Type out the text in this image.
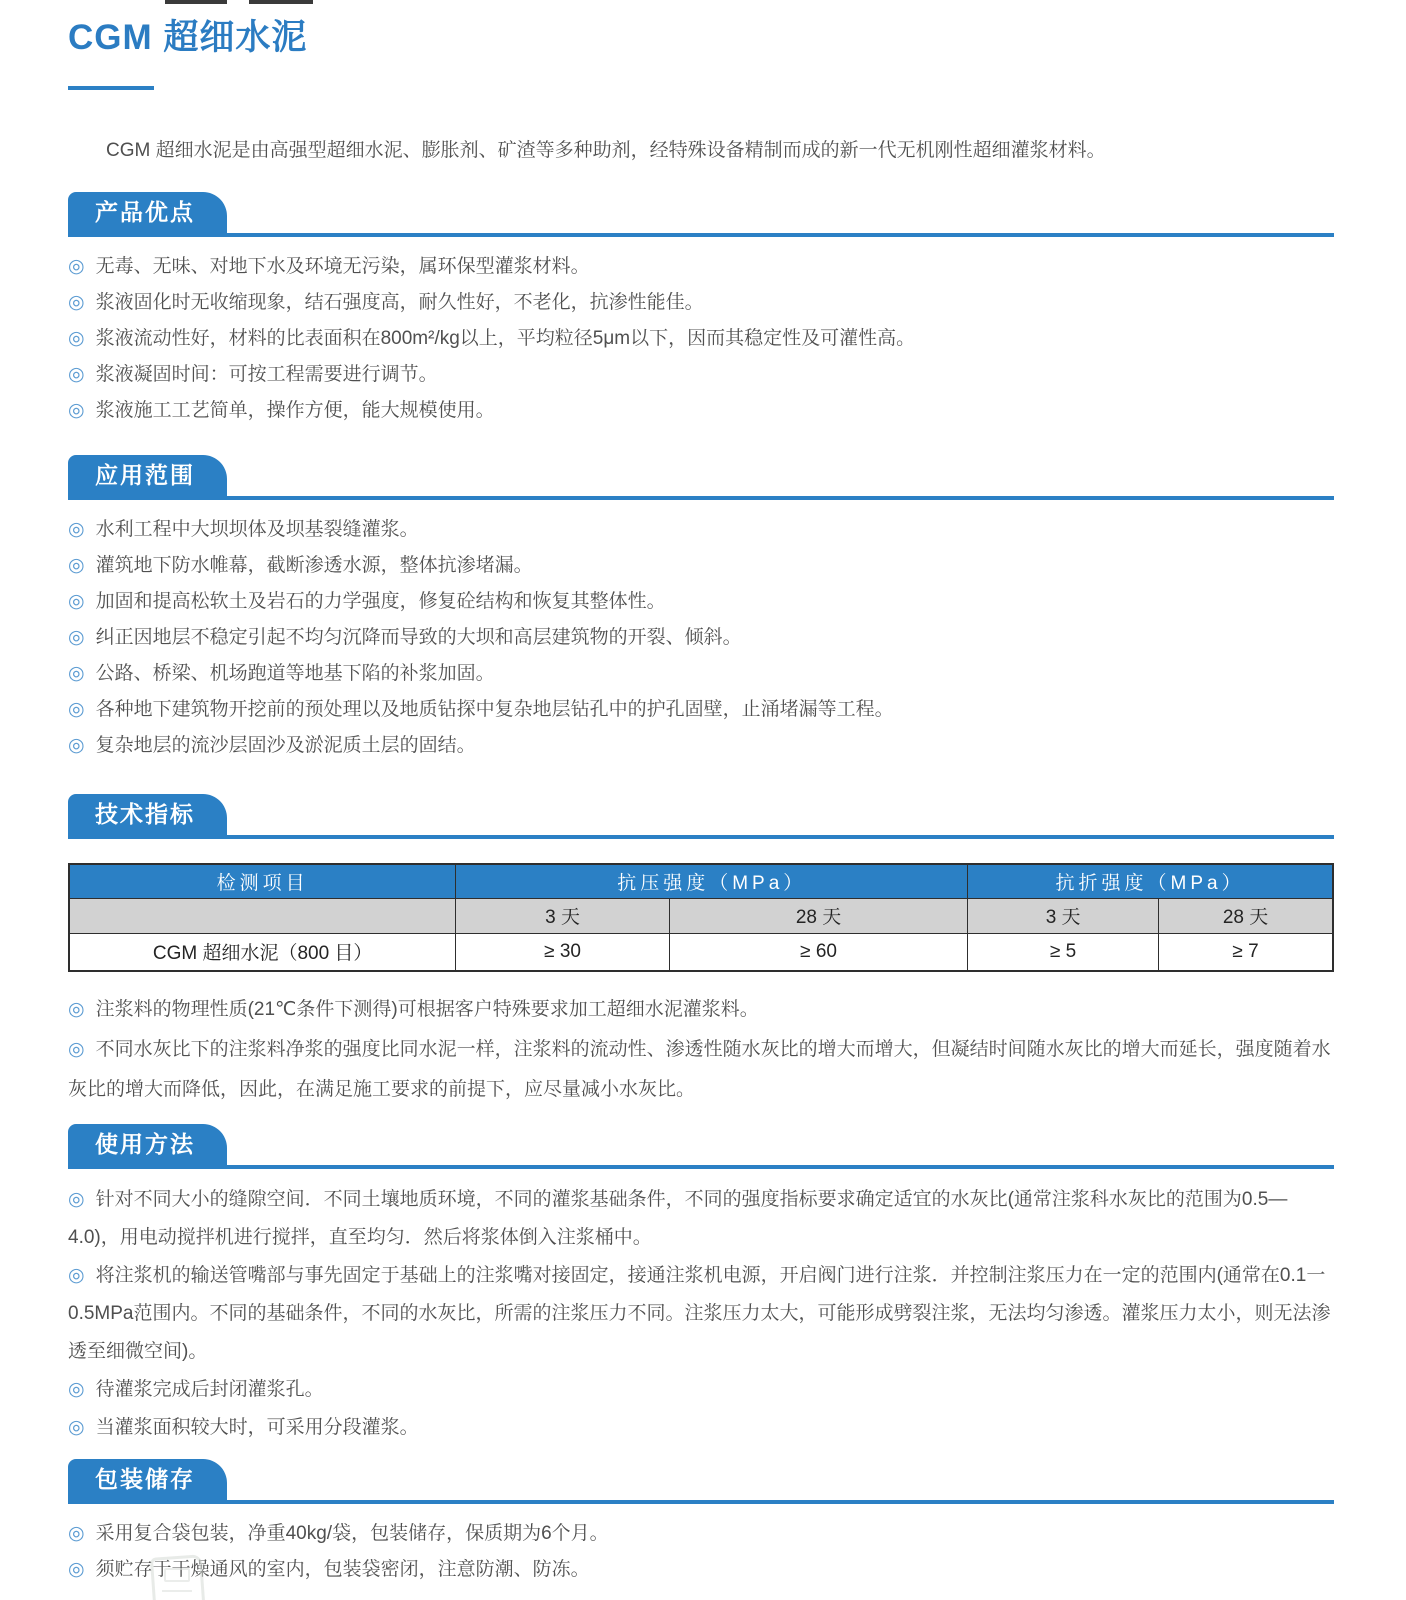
CGM 超细水泥

CGM 超细水泥是由高强型超细水泥、膨胀剂、矿渣等多种助剂，经特殊设备精制而成的新一代无机刚性超细灌浆材料。

产品优点

◎ 无毒、无味、对地下水及环境无污染，属环保型灌浆材料。

◎ 浆液固化时无收缩现象，结石强度高，耐久性好，不老化，抗渗性能佳。

◎ 浆液流动性好，材料的比表面积在800m²/kg以上，平均粒径5μm以下，因而其稳定性及可灌性高。

◎ 浆液凝固时间：可按工程需要进行调节。

◎ 浆液施工工艺简单，操作方便，能大规模使用。

应用范围

◎ 水利工程中大坝坝体及坝基裂缝灌浆。

◎ 灌筑地下防水帷幕，截断渗透水源，整体抗渗堵漏。

◎ 加固和提高松软土及岩石的力学强度，修复砼结构和恢复其整体性。

◎ 纠正因地层不稳定引起不均匀沉降而导致的大坝和高层建筑物的开裂、倾斜。

◎ 公路、桥梁、机场跑道等地基下陷的补浆加固。

◎ 各种地下建筑物开挖前的预处理以及地质钻探中复杂地层钻孔中的护孔固壁，止涌堵漏等工程。

◎ 复杂地层的流沙层固沙及淤泥质土层的固结。

技术指标
检测项目	抗压强度（MPa）		抗折强度（MPa）	
	3 天	28 天	3 天	28 天
CGM 超细水泥（800 目）	≥ 30	≥ 60	≥ 5	≥ 7

◎ 注浆料的物理性质(21℃条件下测得)可根据客户特殊要求加工超细水泥灌浆料。

◎ 不同水灰比下的注浆料净浆的强度比同水泥一样，注浆料的流动性、渗透性随水灰比的增大而增大，但凝结时间随水灰比的增大而延长，强度随着水灰比的增大而降低，因此，在满足施工要求的前提下，应尽量减小水灰比。

使用方法

◎ 针对不同大小的缝隙空间．不同土壤地质环境，不同的灌浆基础条件，不同的强度指标要求确定适宜的水灰比(通常注浆科水灰比的范围为0.5—4.0)，用电动搅拌机进行搅拌，直至均匀．然后将浆体倒入注浆桶中。

◎ 将注浆机的输送管嘴部与事先固定于基础上的注浆嘴对接固定，接通注浆机电源，开启阀门进行注浆．并控制注浆压力在一定的范围内(通常在0.1一0.5MPa范围内。不同的基础条件，不同的水灰比，所需的注浆压力不同。注浆压力太大，可能形成劈裂注浆，无法均匀渗透。灌浆压力太小，则无法渗透至细微空间)。

◎ 待灌浆完成后封闭灌浆孔。

◎ 当灌浆面积较大时，可采用分段灌浆。

包装储存

◎ 采用复合袋包装，净重40kg/袋，包装储存，保质期为6个月。

◎ 须贮存于干燥通风的室内，包装袋密闭，注意防潮、防冻。
